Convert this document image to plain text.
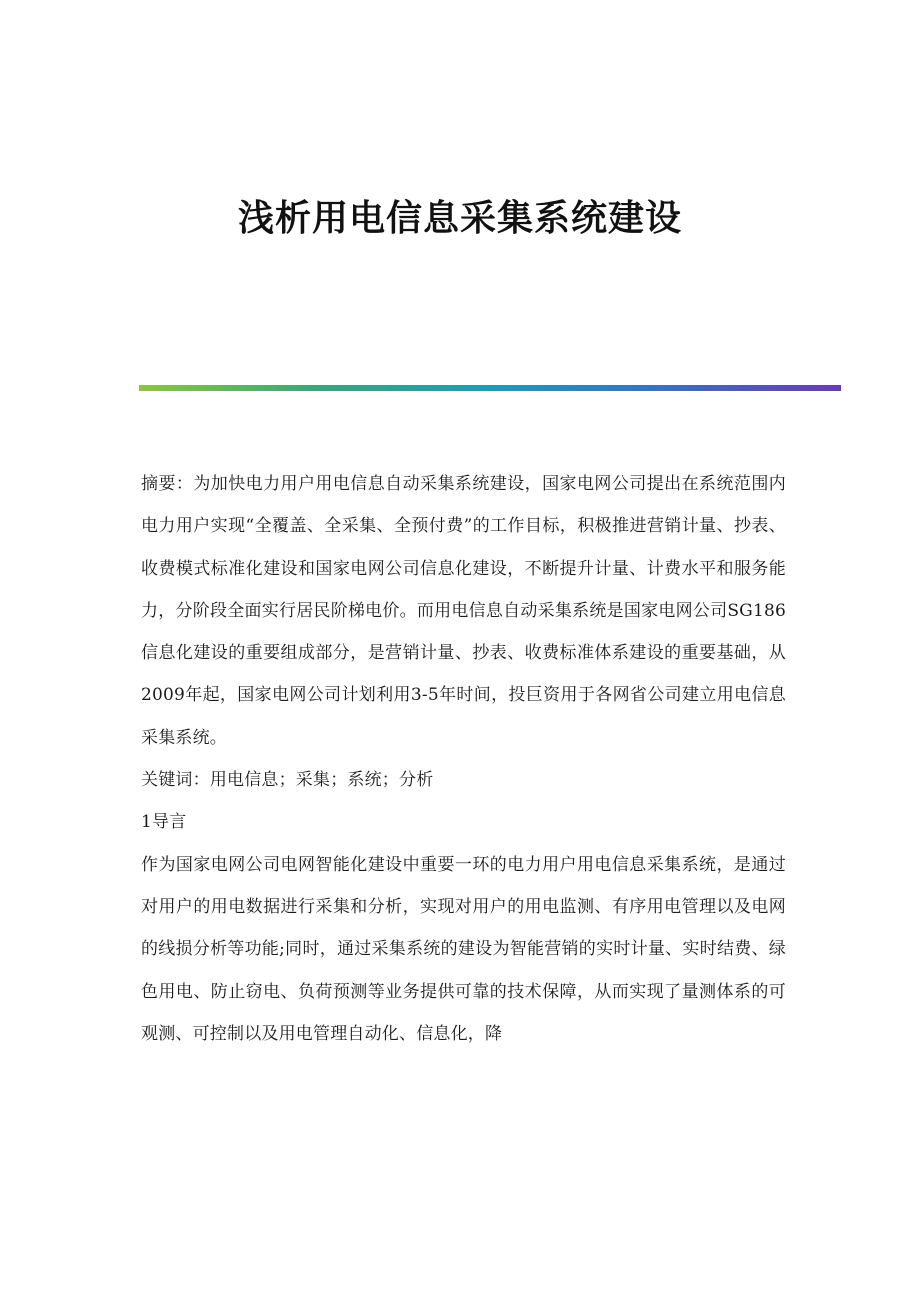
浅析用电信息采集系统建设

摘要：为加快电力用户用电信息自动采集系统建设，国家电网公司提出在系统范围内电力用户实现“全覆盖、全采集、全预付费”的工作目标，积极推进营销计量、抄表、收费模式标准化建设和国家电网公司信息化建设，不断提升计量、计费水平和服务能力，分阶段全面实行居民阶梯电价。而用电信息自动采集系统是国家电网公司SG186信息化建设的重要组成部分，是营销计量、抄表、收费标准体系建设的重要基础，从2009年起，国家电网公司计划利用3-5年时间，投巨资用于各网省公司建立用电信息采集系统。

关键词：用电信息；采集；系统；分析

1导言

作为国家电网公司电网智能化建设中重要一环的电力用户用电信息采集系统，是通过对用户的用电数据进行采集和分析，实现对用户的用电监测、有序用电管理以及电网的线损分析等功能;同时，通过采集系统的建设为智能营销的实时计量、实时结费、绿色用电、防止窃电、负荷预测等业务提供可靠的技术保障，从而实现了量测体系的可观测、可控制以及用电管理自动化、信息化，降
